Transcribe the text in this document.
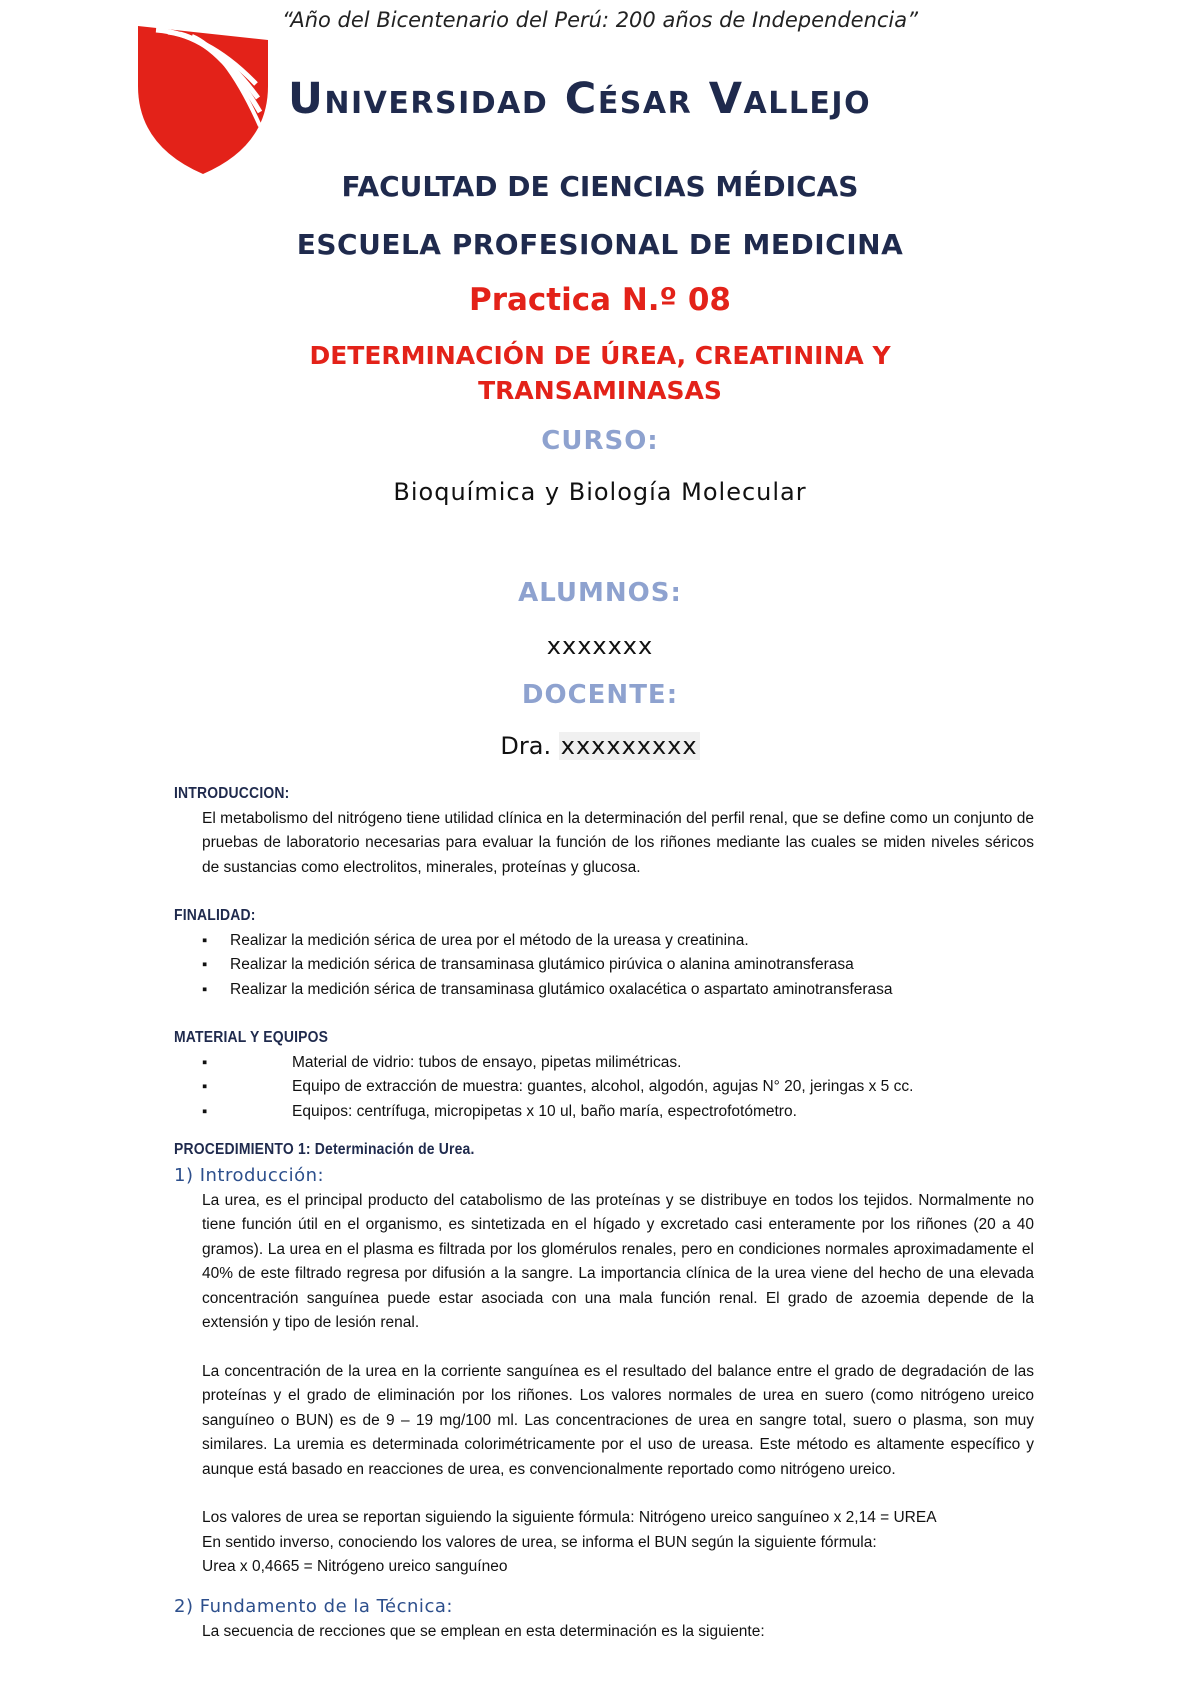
“Año del Bicentenario del Perú: 200 años de Independencia”
Universidad César Vallejo
FACULTAD DE CIENCIAS MÉDICAS
ESCUELA PROFESIONAL DE MEDICINA
Practica N.º 08
DETERMINACIÓN DE ÚREA, CREATININA Y
TRANSAMINASAS
CURSO:
Bioquímica y Biología Molecular
ALUMNOS:
xxxxxxx
DOCENTE:
Dra. xxxxxxxxx
INTRODUCCION:
El metabolismo del nitrógeno tiene utilidad clínica en la determinación del perfil renal, que se define como un conjunto de pruebas de laboratorio necesarias para evaluar la función de los riñones mediante las cuales se miden niveles séricos de sustancias como electrolitos, minerales, proteínas y glucosa.
FINALIDAD:
▪ Realizar la medición sérica de urea por el método de la ureasa y creatinina.
▪ Realizar la medición sérica de transaminasa glutámico pirúvica o alanina aminotransferasa
▪ Realizar la medición sérica de transaminasa glutámico oxalacética o aspartato aminotransferasa
MATERIAL Y EQUIPOS
▪ Material de vidrio: tubos de ensayo, pipetas milimétricas.
▪ Equipo de extracción de muestra: guantes, alcohol, algodón, agujas N° 20, jeringas x 5 cc.
▪ Equipos: centrífuga, micropipetas x 10 ul, baño maría, espectrofotómetro.
PROCEDIMIENTO 1: Determinación de Urea.
1) Introducción:
La urea, es el principal producto del catabolismo de las proteínas y se distribuye en todos los tejidos. Normalmente no tiene función útil en el organismo, es sintetizada en el hígado y excretado casi enteramente por los riñones (20 a 40 gramos). La urea en el plasma es filtrada por los glomérulos renales, pero en condiciones normales aproximadamente el 40% de este filtrado regresa por difusión a la sangre. La importancia clínica de la urea viene del hecho de una elevada concentración sanguínea puede estar asociada con una mala función renal. El grado de azoemia depende de la extensión y tipo de lesión renal.
La concentración de la urea en la corriente sanguínea es el resultado del balance entre el grado de degradación de las proteínas y el grado de eliminación por los riñones. Los valores normales de urea en suero (como nitrógeno ureico sanguíneo o BUN) es de 9 – 19 mg/100 ml. Las concentraciones de urea en sangre total, suero o plasma, son muy similares. La uremia es determinada colorimétricamente por el uso de ureasa. Este método es altamente específico y aunque está basado en reacciones de urea, es convencionalmente reportado como nitrógeno ureico.
Los valores de urea se reportan siguiendo la siguiente fórmula: Nitrógeno ureico sanguíneo x 2,14 = UREA
En sentido inverso, conociendo los valores de urea, se informa el BUN según la siguiente fórmula:
Urea x 0,4665 = Nitrógeno ureico sanguíneo
2) Fundamento de la Técnica:
La secuencia de recciones que se emplean en esta determinación es la siguiente:
